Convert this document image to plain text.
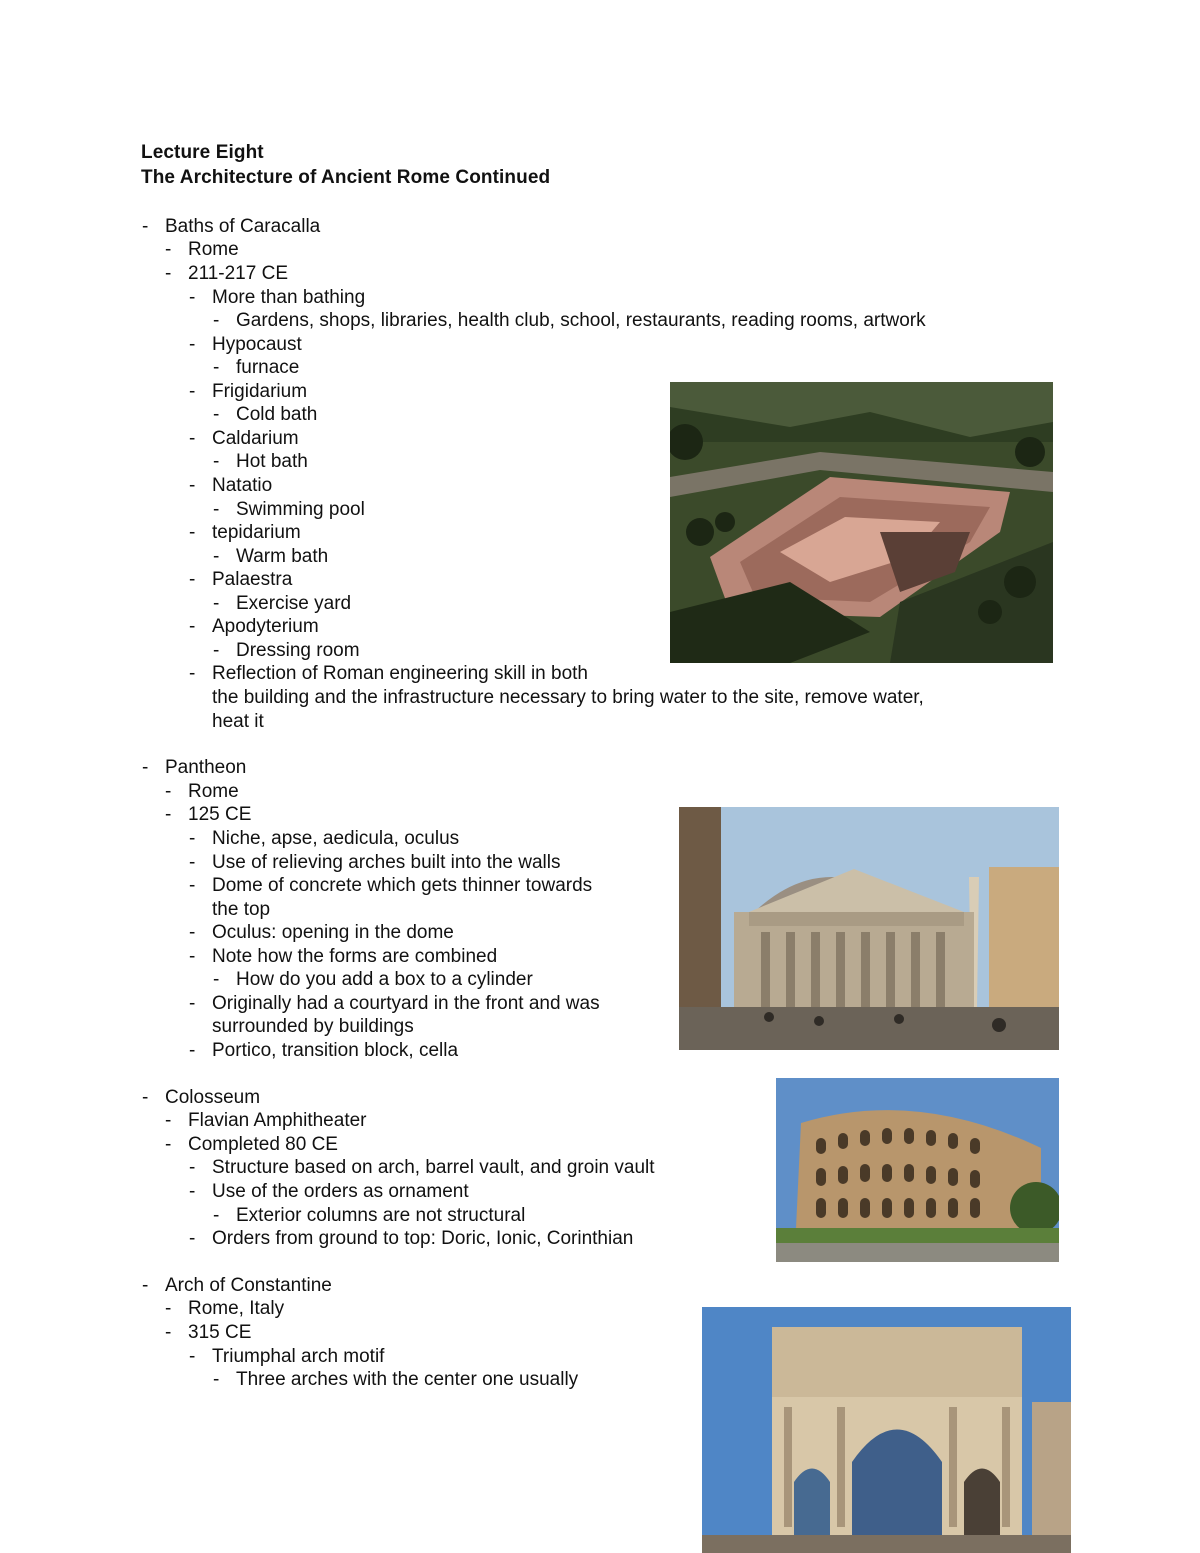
Lecture Eight
The Architecture of Ancient Rome Continued
- Baths of Caracalla
- Rome
- 211-217 CE
- More than bathing
- Gardens, shops, libraries, health club, school, restaurants, reading rooms, artwork
- Hypocaust
- furnace
- Frigidarium
- Cold bath
- Caldarium
- Hot bath
- Natatio
- Swimming pool
- tepidarium
- Warm bath
- Palaestra
- Exercise yard
- Apodyterium
- Dressing room
- Reflection of Roman engineering skill in both
the building and the infrastructure necessary to bring water to the site, remove water,
heat it
- Pantheon
- Rome
- 125 CE
- Niche, apse, aedicula, oculus
- Use of relieving arches built into the walls
- Dome of concrete which gets thinner towards
the top
- Oculus: opening in the dome
- Note how the forms are combined
- How do you add a box to a cylinder
- Originally had a courtyard in the front and was
surrounded by buildings
- Portico, transition block, cella
- Colosseum
- Flavian Amphitheater
- Completed 80 CE
- Structure based on arch, barrel vault, and groin vault
- Use of the orders as ornament
- Exterior columns are not structural
- Orders from ground to top: Doric, Ionic, Corinthian
- Arch of Constantine
- Rome, Italy
- 315 CE
- Triumphal arch motif
- Three arches with the center one usually
